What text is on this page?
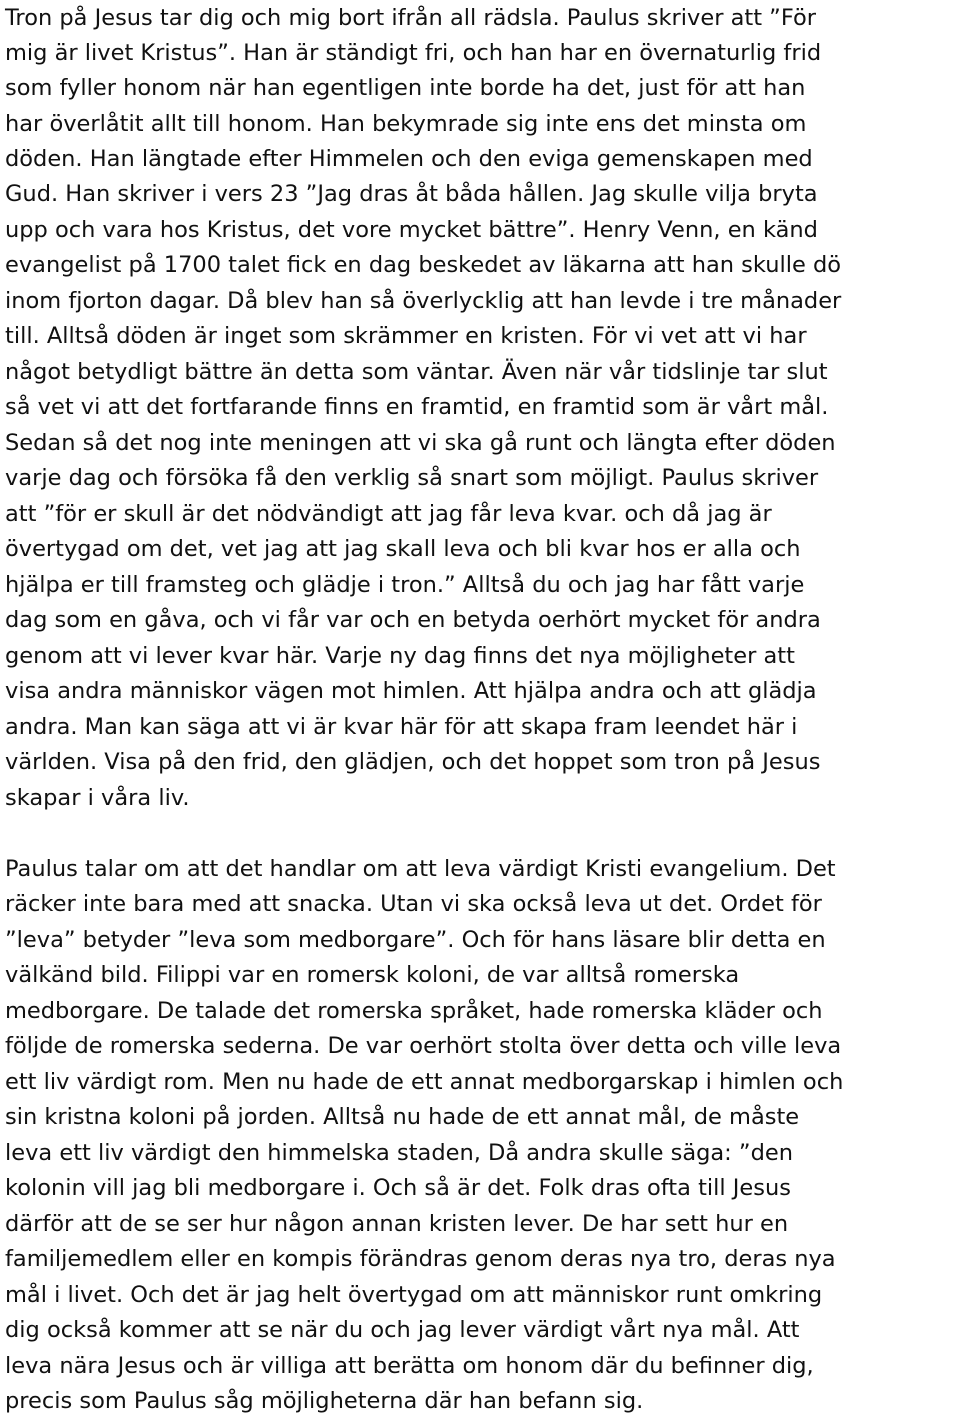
Tron på Jesus tar dig och mig bort ifrån all rädsla. Paulus skriver att ”För
mig är livet Kristus”. Han är ständigt fri, och han har en övernaturlig frid
som fyller honom när han egentligen inte borde ha det, just för att han
har överlåtit allt till honom. Han bekymrade sig inte ens det minsta om
döden. Han längtade efter Himmelen och den eviga gemenskapen med
Gud. Han skriver i vers 23 ”Jag dras åt båda hållen. Jag skulle vilja bryta
upp och vara hos Kristus, det vore mycket bättre”. Henry Venn, en känd
evangelist på 1700 talet fick en dag beskedet av läkarna att han skulle dö
inom fjorton dagar. Då blev han så överlycklig att han levde i tre månader
till. Alltså döden är inget som skrämmer en kristen. För vi vet att vi har
något betydligt bättre än detta som väntar. Även när vår tidslinje tar slut
så vet vi att det fortfarande finns en framtid, en framtid som är vårt mål.
Sedan så det nog inte meningen att vi ska gå runt och längta efter döden
varje dag och försöka få den verklig så snart som möjligt. Paulus skriver
att ”för er skull är det nödvändigt att jag får leva kvar. och då jag är
övertygad om det, vet jag att jag skall leva och bli kvar hos er alla och
hjälpa er till framsteg och glädje i tron.” Alltså du och jag har fått varje
dag som en gåva, och vi får var och en betyda oerhört mycket för andra
genom att vi lever kvar här. Varje ny dag finns det nya möjligheter att
visa andra människor vägen mot himlen. Att hjälpa andra och att glädja
andra. Man kan säga att vi är kvar här för att skapa fram leendet här i
världen. Visa på den frid, den glädjen, och det hoppet som tron på Jesus
skapar i våra liv.
Paulus talar om att det handlar om att leva värdigt Kristi evangelium. Det
räcker inte bara med att snacka. Utan vi ska också leva ut det. Ordet för
”leva” betyder ”leva som medborgare”. Och för hans läsare blir detta en
välkänd bild. Filippi var en romersk koloni, de var alltså romerska
medborgare. De talade det romerska språket, hade romerska kläder och
följde de romerska sederna. De var oerhört stolta över detta och ville leva
ett liv värdigt rom. Men nu hade de ett annat medborgarskap i himlen och
sin kristna koloni på jorden. Alltså nu hade de ett annat mål, de måste
leva ett liv värdigt den himmelska staden, Då andra skulle säga: ”den
kolonin vill jag bli medborgare i. Och så är det. Folk dras ofta till Jesus
därför att de se ser hur någon annan kristen lever. De har sett hur en
familjemedlem eller en kompis förändras genom deras nya tro, deras nya
mål i livet. Och det är jag helt övertygad om att människor runt omkring
dig också kommer att se när du och jag lever värdigt vårt nya mål. Att
leva nära Jesus och är villiga att berätta om honom där du befinner dig,
precis som Paulus såg möjligheterna där han befann sig.
